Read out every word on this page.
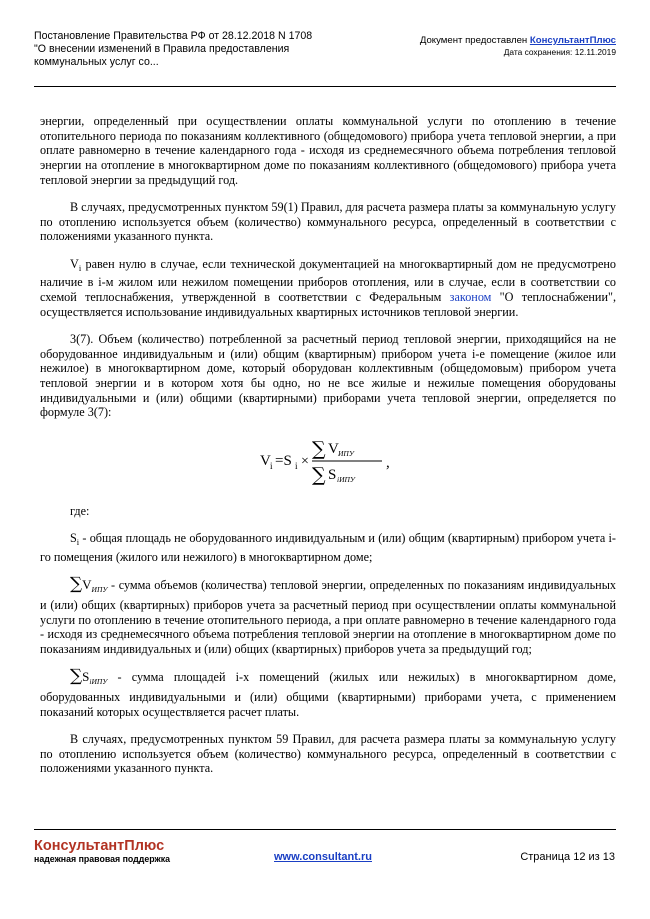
Постановление Правительства РФ от 28.12.2018 N 1708
"О внесении изменений в Правила предоставления
коммунальных услуг со...
Документ предоставлен КонсультантПлюс
Дата сохранения: 12.11.2019

энергии, определенный при осуществлении оплаты коммунальной услуги по отоплению в течение отопительного периода по показаниям коллективного (общедомового) прибора учета тепловой энергии, а при оплате равномерно в течение календарного года - исходя из среднемесячного объема потребления тепловой энергии на отопление в многоквартирном доме по показаниям коллективного (общедомового) прибора учета тепловой энергии за предыдущий год.

В случаях, предусмотренных пунктом 59(1) Правил, для расчета размера платы за коммунальную услугу по отоплению используется объем (количество) коммунального ресурса, определенный в соответствии с положениями указанного пункта.

$V_i$ равен нулю в случае, если технической документацией на многоквартирный дом не предусмотрено наличие в i-м жилом или нежилом помещении приборов отопления, или в случае, если в соответствии со схемой теплоснабжения, утвержденной в соответствии с Федеральным законом "О теплоснабжении", осуществляется использование индивидуальных квартирных источников тепловой энергии.

3(7). Объем (количество) потребленной за расчетный период тепловой энергии, приходящийся на не оборудованное индивидуальным и (или) общим (квартирным) прибором учета i-е помещение (жилое или нежилое) в многоквартирном доме, который оборудован коллективным (общедомовым) прибором учета тепловой энергии и в котором хотя бы одно, но не все жилые и нежилые помещения оборудованы индивидуальными и (или) общими (квартирными) приборами учета тепловой энергии, определяется по формуле 3(7):

V i =S i ×
∑ V ИПУ
∑ S iИПУ
,

где:

$S_i$ - общая площадь не оборудованного индивидуальным и (или) общим (квартирным) прибором учета i-го помещения (жилого или нежилого) в многоквартирном доме;

$\sum V_{ИПУ}$ - сумма объемов (количества) тепловой энергии, определенных по показаниям индивидуальных и (или) общих (квартирных) приборов учета за расчетный период при осуществлении оплаты коммунальной услуги по отоплению в течение отопительного периода, а при оплате равномерно в течение календарного года - исходя из среднемесячного объема потребления тепловой энергии на отопление в многоквартирном доме по показаниям индивидуальных и (или) общих (квартирных) приборов учета за предыдущий год;

$\sum S_{iИПУ}$ - сумма площадей i-х помещений (жилых или нежилых) в многоквартирном доме, оборудованных индивидуальными и (или) общими (квартирными) приборами учета, с применением показаний которых осуществляется расчет платы.

В случаях, предусмотренных пунктом 59 Правил, для расчета размера платы за коммунальную услугу по отоплению используется объем (количество) коммунального ресурса, определенный в соответствии с положениями указанного пункта.

КонсультантПлюс
надежная правовая поддержка	www.consultant.ru	Страница 12 из 13
